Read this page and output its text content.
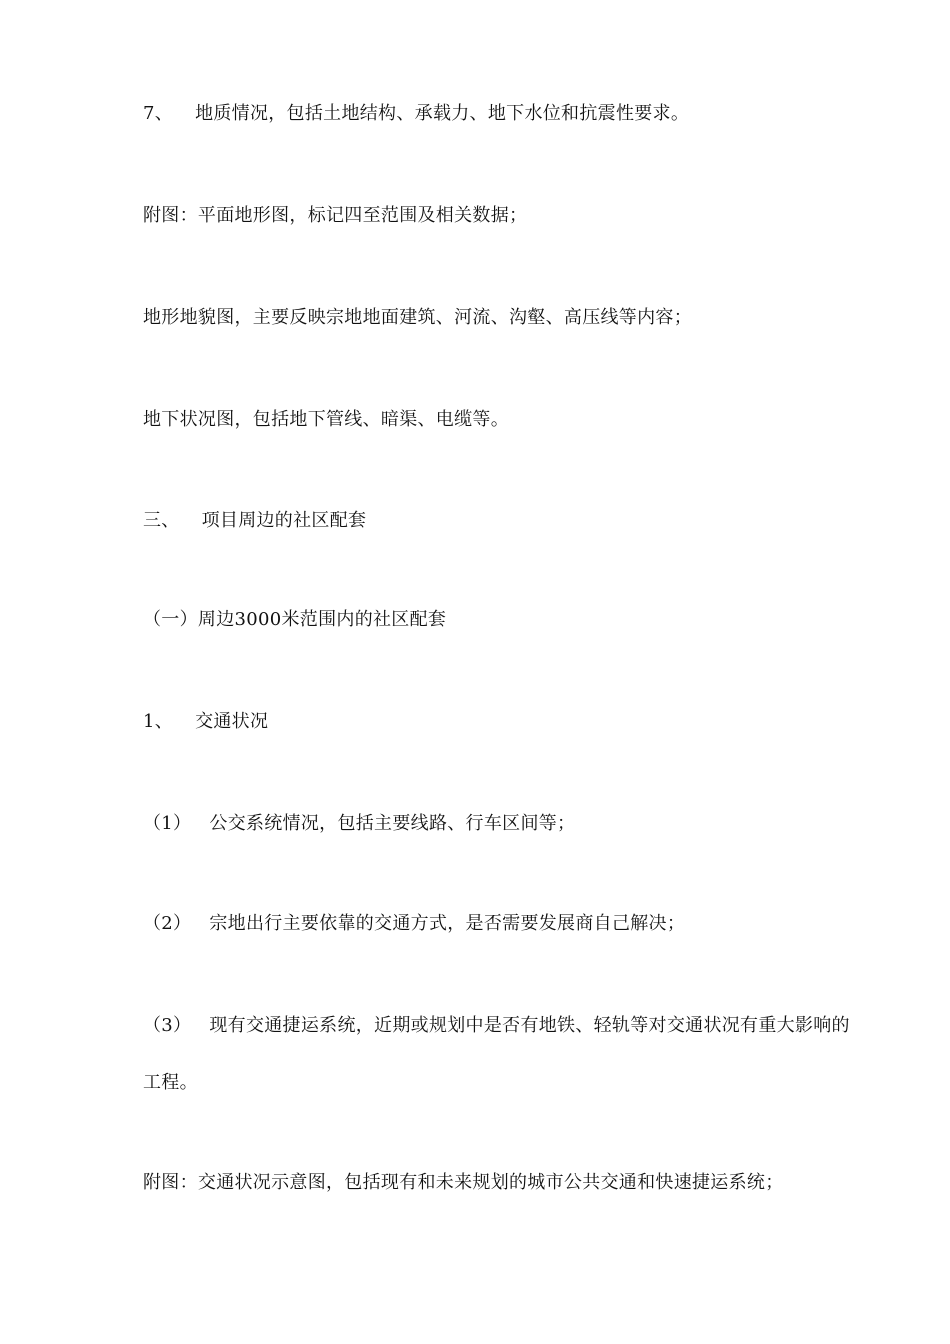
7、 地质情况，包括土地结构、承载力、地下水位和抗震性要求。
附图：平面地形图，标记四至范围及相关数据；
地形地貌图，主要反映宗地地面建筑、河流、沟壑、高压线等内容；
地下状况图，包括地下管线、暗渠、电缆等。
三、 项目周边的社区配套
（一）周边3000米范围内的社区配套
1、 交通状况
（1） 公交系统情况，包括主要线路、行车区间等；
（2） 宗地出行主要依靠的交通方式，是否需要发展商自己解决；
（3） 现有交通捷运系统，近期或规划中是否有地铁、轻轨等对交通状况有重大影响的
工程。
附图：交通状况示意图，包括现有和未来规划的城市公共交通和快速捷运系统；
